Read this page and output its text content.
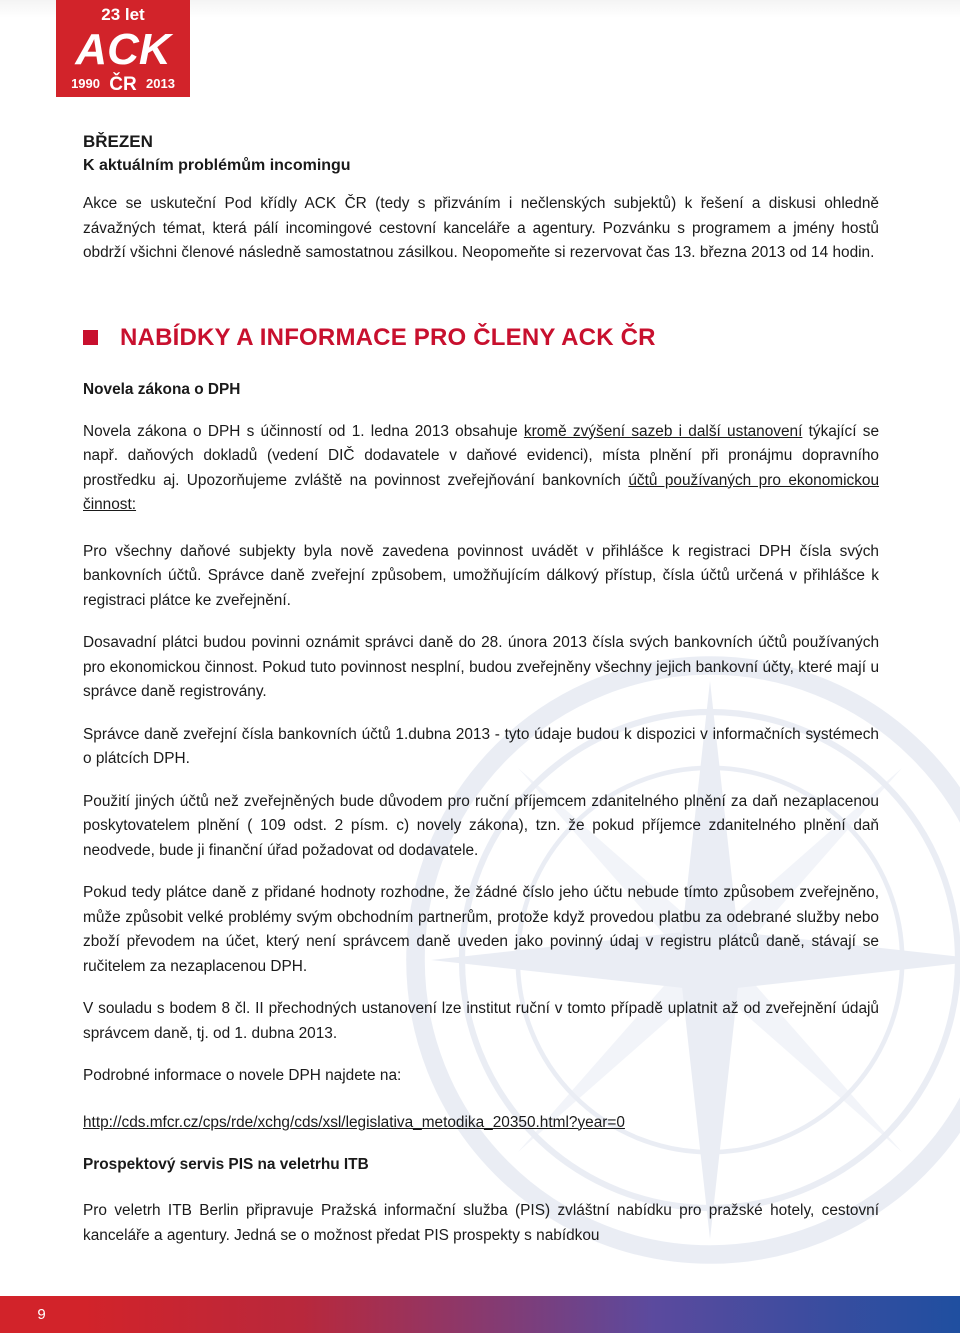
23 let
ACK
1990 ČR 2013
BŘEZEN
K aktuálním problémům incomingu

Akce se uskuteční Pod křídly ACK ČR (tedy s přizváním i nečlenských subjektů) k řešení a diskusi ohledně závažných témat, která pálí incomingové cestovní kanceláře a agentury. Pozvánku s programem a jmény hostů obdrží všichni členové následně samostatnou zásilkou. Neopomeňte si rezervovat čas 13. března 2013 od 14 hodin.

NABÍDKY A INFORMACE PRO ČLENY ACK ČR
Novela zákona o DPH

Novela zákona o DPH s účinností od 1. ledna 2013 obsahuje kromě zvýšení sazeb i další ustanovení týkající se např. daňových dokladů (vedení DIČ dodavatele v daňové evidenci), místa plnění při pronájmu dopravního prostředku aj. Upozorňujeme zvláště na povinnost zveřejňování bankovních účtů používaných pro ekonomickou činnost:

Pro všechny daňové subjekty byla nově zavedena povinnost uvádět v přihlášce k registraci DPH čísla svých bankovních účtů. Správce daně zveřejní způsobem, umožňujícím dálkový přístup, čísla účtů určená v přihlášce k registraci plátce ke zveřejnění.

Dosavadní plátci budou povinni oznámit správci daně do 28. února 2013 čísla svých bankovních účtů používaných pro ekonomickou činnost. Pokud tuto povinnost nesplní, budou zveřejněny všechny jejich bankovní účty, které mají u správce daně registrovány.

Správce daně zveřejní čísla bankovních účtů 1.dubna 2013 - tyto údaje budou k dispozici v informačních systémech o plátcích DPH.

Použití jiných účtů než zveřejněných bude důvodem pro ruční příjemcem zdanitelného plnění za daň nezaplacenou poskytovatelem plnění ( 109 odst. 2 písm. c) novely zákona), tzn. že pokud příjemce zdanitelného plnění daň neodvede, bude ji finanční úřad požadovat od dodavatele.

Pokud tedy plátce daně z přidané hodnoty rozhodne, že žádné číslo jeho účtu nebude tímto způsobem zveřejněno, může způsobit velké problémy svým obchodním partnerům, protože když provedou platbu za odebrané služby nebo zboží převodem na účet, který není správcem daně uveden jako povinný údaj v registru plátců daně, stávají se ručitelem za nezaplacenou DPH.

V souladu s bodem 8 čl. II přechodných ustanovení lze institut ruční v tomto případě uplatnit až od zveřejnění údajů správcem daně, tj. od 1. dubna 2013.

Podrobné informace o novele DPH najdete na:

http://cds.mfcr.cz/cps/rde/xchg/cds/xsl/legislativa_metodika_20350.html?year=0

Prospektový servis PIS na veletrhu ITB

Pro veletrh ITB Berlin připravuje Pražská informační služba (PIS) zvláštní nabídku pro pražské hotely, cestovní kanceláře a agentury. Jedná se o možnost předat PIS prospekty s nabídkou

9
